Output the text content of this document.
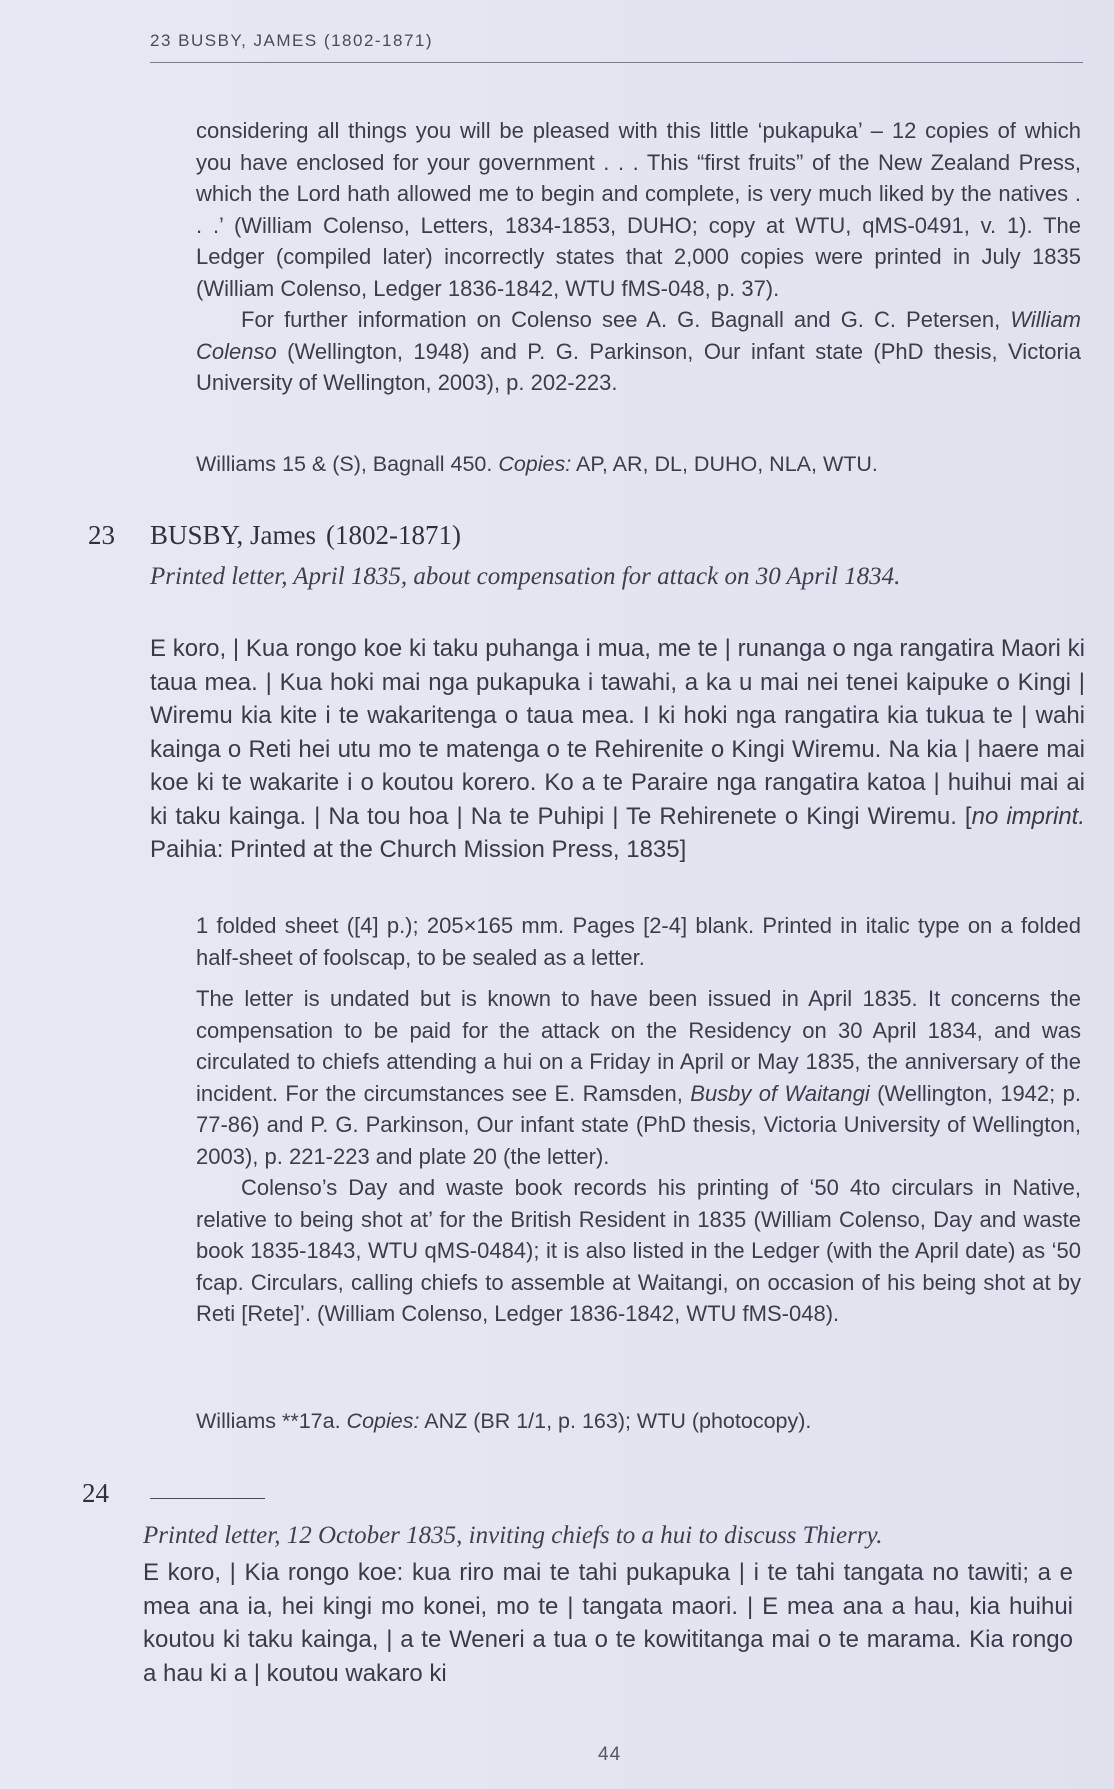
23 BUSBY, JAMES (1802-1871)

considering all things you will be pleased with this little ‘pukapuka’ – 12 copies of which you have enclosed for your government . . . This “first fruits” of the New Zealand Press, which the Lord hath allowed me to begin and complete, is very much liked by the natives . . .’ (William Colenso, Letters, 1834-1853, DUHO; copy at WTU, qMS-0491, v. 1). The Ledger (compiled later) incorrectly states that 2,000 copies were printed in July 1835 (William Colenso, Ledger 1836-1842, WTU fMS-048, p. 37).

For further information on Colenso see A. G. Bagnall and G. C. Petersen, William Colenso (Wellington, 1948) and P. G. Parkinson, Our infant state (PhD thesis, Victoria University of Wellington, 2003), p. 202-223.

Williams 15 & (S), Bagnall 450. Copies: AP, AR, DL, DUHO, NLA, WTU.

23 BUSBY, James (1802-1871)
Printed letter, April 1835, about compensation for attack on 30 April 1834.
E koro, | Kua rongo koe ki taku puhanga i mua, me te | runanga o nga rangatira Maori ki taua mea. | Kua hoki mai nga pukapuka i tawahi, a ka u mai nei tenei kaipuke o Kingi | Wiremu kia kite i te wakaritenga o taua mea. I ki hoki nga rangatira kia tukua te | wahi kainga o Reti hei utu mo te matenga o te Rehirenite o Kingi Wiremu. Na kia | haere mai koe ki te wakarite i o koutou korero. Ko a te Paraire nga rangatira katoa | huihui mai ai ki taku kainga. | Na tou hoa | Na te Puhipi | Te Rehirenete o Kingi Wiremu. [no imprint. Paihia: Printed at the Church Mission Press, 1835]

1 folded sheet ([4] p.); 205×165 mm. Pages [2-4] blank. Printed in italic type on a folded half-sheet of foolscap, to be sealed as a letter.

The letter is undated but is known to have been issued in April 1835. It concerns the compensation to be paid for the attack on the Residency on 30 April 1834, and was circulated to chiefs attending a hui on a Friday in April or May 1835, the anniversary of the incident. For the circumstances see E. Ramsden, Busby of Waitangi (Wellington, 1942; p. 77-86) and P. G. Parkinson, Our infant state (PhD thesis, Victoria University of Wellington, 2003), p. 221-223 and plate 20 (the letter).

Colenso’s Day and waste book records his printing of ‘50 4to circulars in Native, relative to being shot at’ for the British Resident in 1835 (William Colenso, Day and waste book 1835-1843, WTU qMS-0484); it is also listed in the Ledger (with the April date) as ‘50 fcap. Circulars, calling chiefs to assemble at Waitangi, on occasion of his being shot at by Reti [Rete]’. (William Colenso, Ledger 1836-1842, WTU fMS-048).

Williams **17a. Copies: ANZ (BR 1/1, p. 163); WTU (photocopy).

24
Printed letter, 12 October 1835, inviting chiefs to a hui to discuss Thierry.
E koro, | Kia rongo koe: kua riro mai te tahi pukapuka | i te tahi tangata no tawiti; a e mea ana ia, hei kingi mo konei, mo te | tangata maori. | E mea ana a hau, kia huihui koutou ki taku kainga, | a te Weneri a tua o te kowititanga mai o te marama. Kia rongo a hau ki a | koutou wakaro ki
44
